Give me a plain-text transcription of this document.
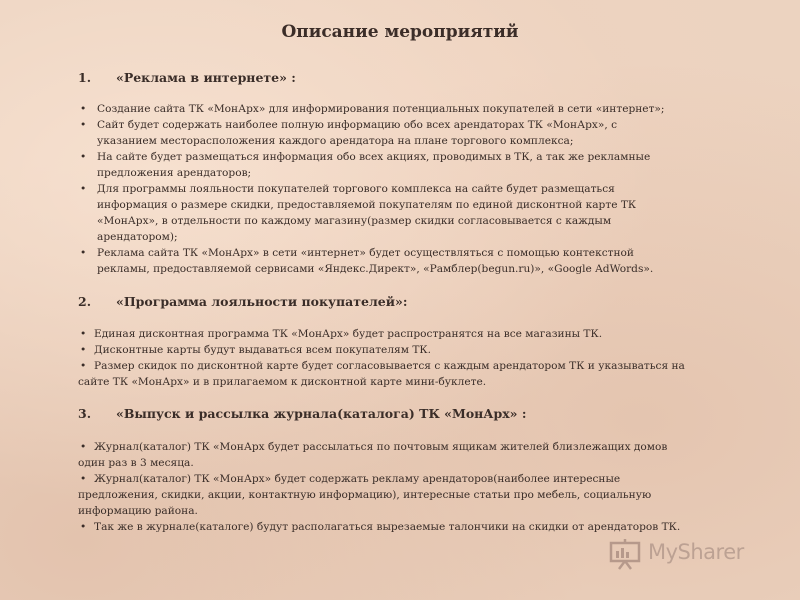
Описание мероприятий
1. «Реклама в интернете» :
• Создание сайта ТК «МонАрх» для информирования потенциальных покупателей в сети «интернет»;
• Сайт будет содержать наиболее полную информацию обо всех арендаторах ТК «МонАрх», с
указанием месторасположения каждого арендатора на плане торгового комплекса;
• На сайте будет размещаться информация обо всех акциях, проводимых в ТК, а так же рекламные
предложения арендаторов;
• Для программы лояльности покупателей торгового комплекса на сайте будет размещаться
информация о размере скидки, предоставляемой покупателям по единой дисконтной карте ТК
«МонАрх», в отдельности по каждому магазину(размер скидки согласовывается с каждым
арендатором);
• Реклама сайта ТК «МонАрх» в сети «интернет» будет осуществляться с помощью контекстной
рекламы, предоставляемой сервисами «Яндекс.Директ», «Рамблер(begun.ru)», «Google AdWords».
2. «Программа лояльности покупателей»:
• Единая дисконтная программа ТК «МонАрх» будет распространятся на все магазины ТК.
• Дисконтные карты будут выдаваться всем покупателям ТК.
• Размер скидок по дисконтной карте будет согласовывается с каждым арендатором ТК и указываться на
сайте ТК «МонАрх» и в прилагаемом к дисконтной карте мини-буклете.
3. «Выпуск и рассылка журнала(каталога) ТК «МонАрх» :
• Журнал(каталог) ТК «МонАрх будет рассылаться по почтовым ящикам жителей близлежащих домов
один раз в 3 месяца.
• Журнал(каталог) ТК «МонАрх» будет содержать рекламу арендаторов(наиболее интересные
предложения, скидки, акции, контактную информацию), интересные статьи про мебель, социальную
информацию района.
• Так же в журнале(каталоге) будут располагаться вырезаемые талончики на скидки от арендаторов ТК.
MySharer
